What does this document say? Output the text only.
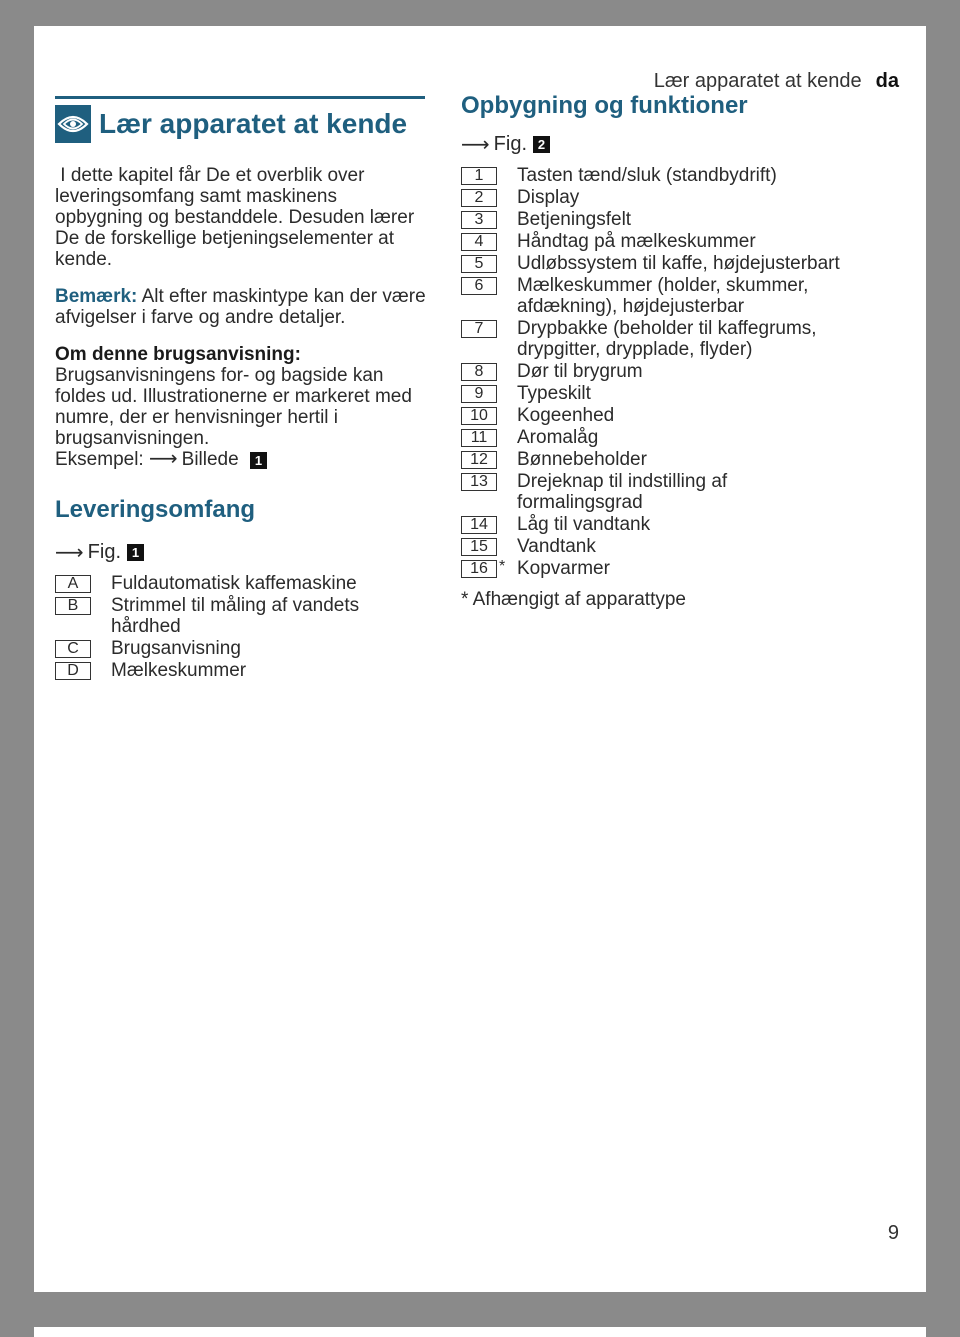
Lær apparatet at kende da
Lær apparatet at kende

I dette kapitel får De et overblik over leveringsomfang samt maskinens opbygning og bestanddele. Desuden lærer De de forskellige betjeningselementer at kende.

Bemærk: Alt efter maskintype kan der være afvigelser i farve og andre detaljer.

Om denne brugsanvisning:
Brugsanvisningens for- og bagside kan foldes ud. Illustrationerne er markeret med numre, der er henvisninger hertil i brugsanvisningen.
Eksempel: ⟶ Billede 1

Leveringsomfang
⟶ Fig. 1
A	Fuldautomatisk kaffemaskine
B	Strimmel til måling af vandets hårdhed
C	Brugsanvisning
D	Mælkeskummer
Opbygning og funktioner
⟶ Fig. 2
1	Tasten tænd/sluk (standbydrift)
2	Display
3	Betjeningsfelt
4	Håndtag på mælkeskummer
5	Udløbssystem til kaffe, højdejusterbart
6	Mælkeskummer (holder, skummer, afdækning), højdejusterbar
7	Drypbakke (beholder til kaffegrums, drypgitter, drypplade, flyder)
8	Dør til brygrum
9	Typeskilt
10	Kogeenhed
11	Aromalåg
12	Bønnebeholder
13	Drejeknap til indstilling af formalingsgrad
14	Låg til vandtank
15	Vandtank
16 * Kopvarmer
* Afhængigt af apparattype
9
